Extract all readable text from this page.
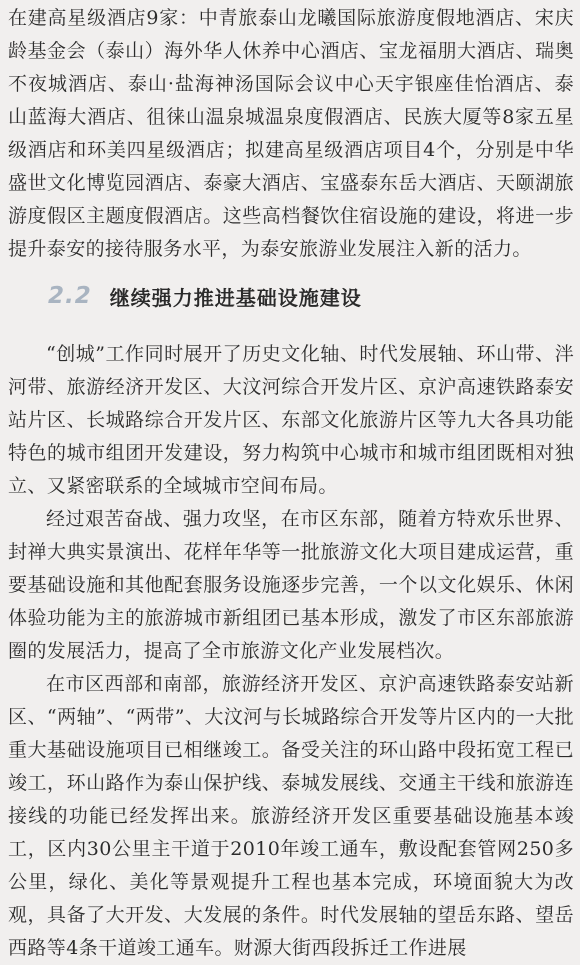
在建高星级酒店9家：中青旅泰山龙曦国际旅游度假地酒店、宋庆龄基金会（泰山）海外华人休养中心酒店、宝龙福朋大酒店、瑞奥不夜城酒店、泰山·盐海神汤国际会议中心天宇银座佳怡酒店、泰山蓝海大酒店、徂徕山温泉城温泉度假酒店、民族大厦等8家五星级酒店和环美四星级酒店；拟建高星级酒店项目4个，分别是中华盛世文化博览园酒店、泰豪大酒店、宝盛泰东岳大酒店、天颐湖旅游度假区主题度假酒店。这些高档餐饮住宿设施的建设，将进一步提升泰安的接待服务水平，为泰安旅游业发展注入新的活力。

2.2 继续强力推进基础设施建设

“创城”工作同时展开了历史文化轴、时代发展轴、环山带、泮河带、旅游经济开发区、大汶河综合开发片区、京沪高速铁路泰安站片区、长城路综合开发片区、东部文化旅游片区等九大各具功能特色的城市组团开发建设，努力构筑中心城市和城市组团既相对独立、又紧密联系的全域城市空间布局。

经过艰苦奋战、强力攻坚，在市区东部，随着方特欢乐世界、封禅大典实景演出、花样年华等一批旅游文化大项目建成运营，重要基础设施和其他配套服务设施逐步完善，一个以文化娱乐、休闲体验功能为主的旅游城市新组团已基本形成，激发了市区东部旅游圈的发展活力，提高了全市旅游文化产业发展档次。

在市区西部和南部，旅游经济开发区、京沪高速铁路泰安站新区、“两轴”、“两带”、大汶河与长城路综合开发等片区内的一大批重大基础设施项目已相继竣工。备受关注的环山路中段拓宽工程已竣工，环山路作为泰山保护线、泰城发展线、交通主干线和旅游连接线的功能已经发挥出来。旅游经济开发区重要基础设施基本竣工，区内30公里主干道于2010年竣工通车，敷设配套管网250多公里，绿化、美化等景观提升工程也基本完成，环境面貌大为改观，具备了大开发、大发展的条件。时代发展轴的望岳东路、望岳西路等4条干道竣工通车。财源大街西段拆迁工作进展
